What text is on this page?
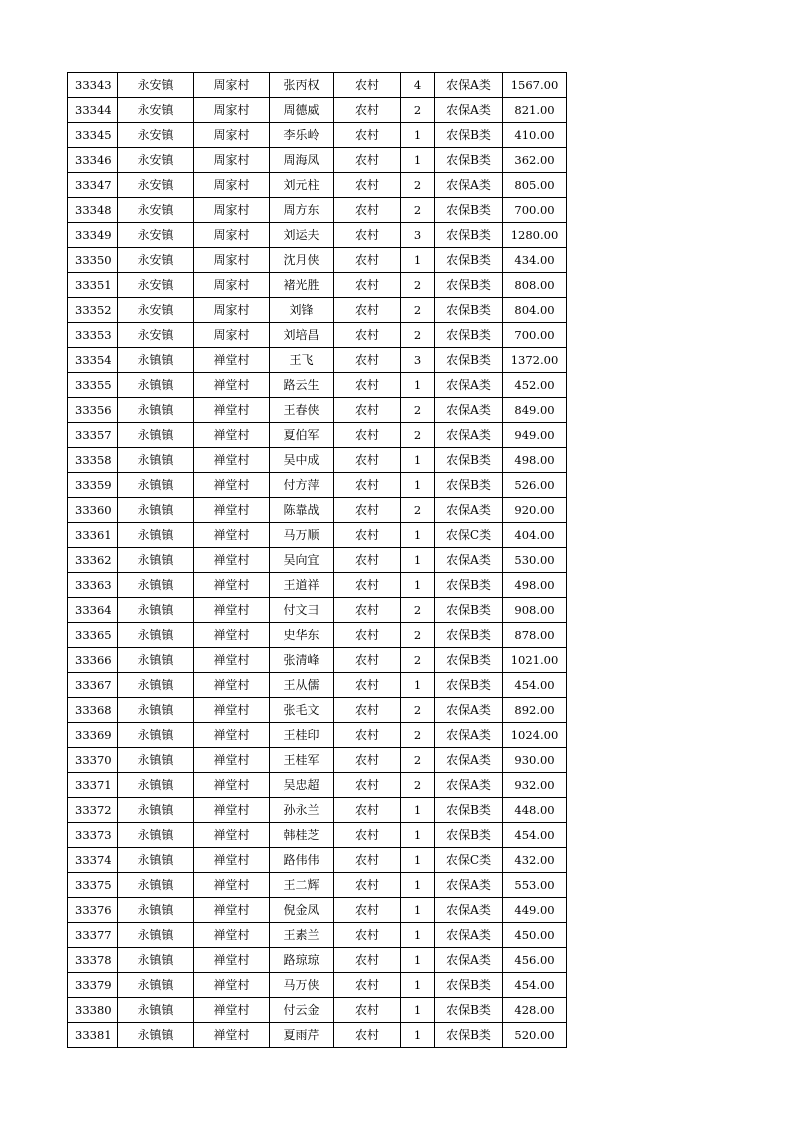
33343	永安镇	周家村	张丙权	农村	4	农保A类	1567.00
33344	永安镇	周家村	周德威	农村	2	农保A类	821.00
33345	永安镇	周家村	李乐岭	农村	1	农保B类	410.00
33346	永安镇	周家村	周海凤	农村	1	农保B类	362.00
33347	永安镇	周家村	刘元柱	农村	2	农保A类	805.00
33348	永安镇	周家村	周方东	农村	2	农保B类	700.00
33349	永安镇	周家村	刘运夫	农村	3	农保B类	1280.00
33350	永安镇	周家村	沈月侠	农村	1	农保B类	434.00
33351	永安镇	周家村	褚光胜	农村	2	农保B类	808.00
33352	永安镇	周家村	刘锋	农村	2	农保B类	804.00
33353	永安镇	周家村	刘培昌	农村	2	农保B类	700.00
33354	永镇镇	禅堂村	王飞	农村	3	农保B类	1372.00
33355	永镇镇	禅堂村	路云生	农村	1	农保A类	452.00
33356	永镇镇	禅堂村	王春侠	农村	2	农保A类	849.00
33357	永镇镇	禅堂村	夏伯军	农村	2	农保A类	949.00
33358	永镇镇	禅堂村	吴中成	农村	1	农保B类	498.00
33359	永镇镇	禅堂村	付方萍	农村	1	农保B类	526.00
33360	永镇镇	禅堂村	陈靠战	农村	2	农保A类	920.00
33361	永镇镇	禅堂村	马万顺	农村	1	农保C类	404.00
33362	永镇镇	禅堂村	吴向宜	农村	1	农保A类	530.00
33363	永镇镇	禅堂村	王道祥	农村	1	农保B类	498.00
33364	永镇镇	禅堂村	付文彐	农村	2	农保B类	908.00
33365	永镇镇	禅堂村	史华东	农村	2	农保B类	878.00
33366	永镇镇	禅堂村	张清峰	农村	2	农保B类	1021.00
33367	永镇镇	禅堂村	王从儒	农村	1	农保B类	454.00
33368	永镇镇	禅堂村	张毛文	农村	2	农保A类	892.00
33369	永镇镇	禅堂村	王桂印	农村	2	农保A类	1024.00
33370	永镇镇	禅堂村	王桂军	农村	2	农保A类	930.00
33371	永镇镇	禅堂村	吴忠超	农村	2	农保A类	932.00
33372	永镇镇	禅堂村	孙永兰	农村	1	农保B类	448.00
33373	永镇镇	禅堂村	韩桂芝	农村	1	农保B类	454.00
33374	永镇镇	禅堂村	路伟伟	农村	1	农保C类	432.00
33375	永镇镇	禅堂村	王二辉	农村	1	农保A类	553.00
33376	永镇镇	禅堂村	倪金凤	农村	1	农保A类	449.00
33377	永镇镇	禅堂村	王素兰	农村	1	农保A类	450.00
33378	永镇镇	禅堂村	路琼琼	农村	1	农保A类	456.00
33379	永镇镇	禅堂村	马万侠	农村	1	农保B类	454.00
33380	永镇镇	禅堂村	付云金	农村	1	农保B类	428.00
33381	永镇镇	禅堂村	夏雨芹	农村	1	农保B类	520.00
